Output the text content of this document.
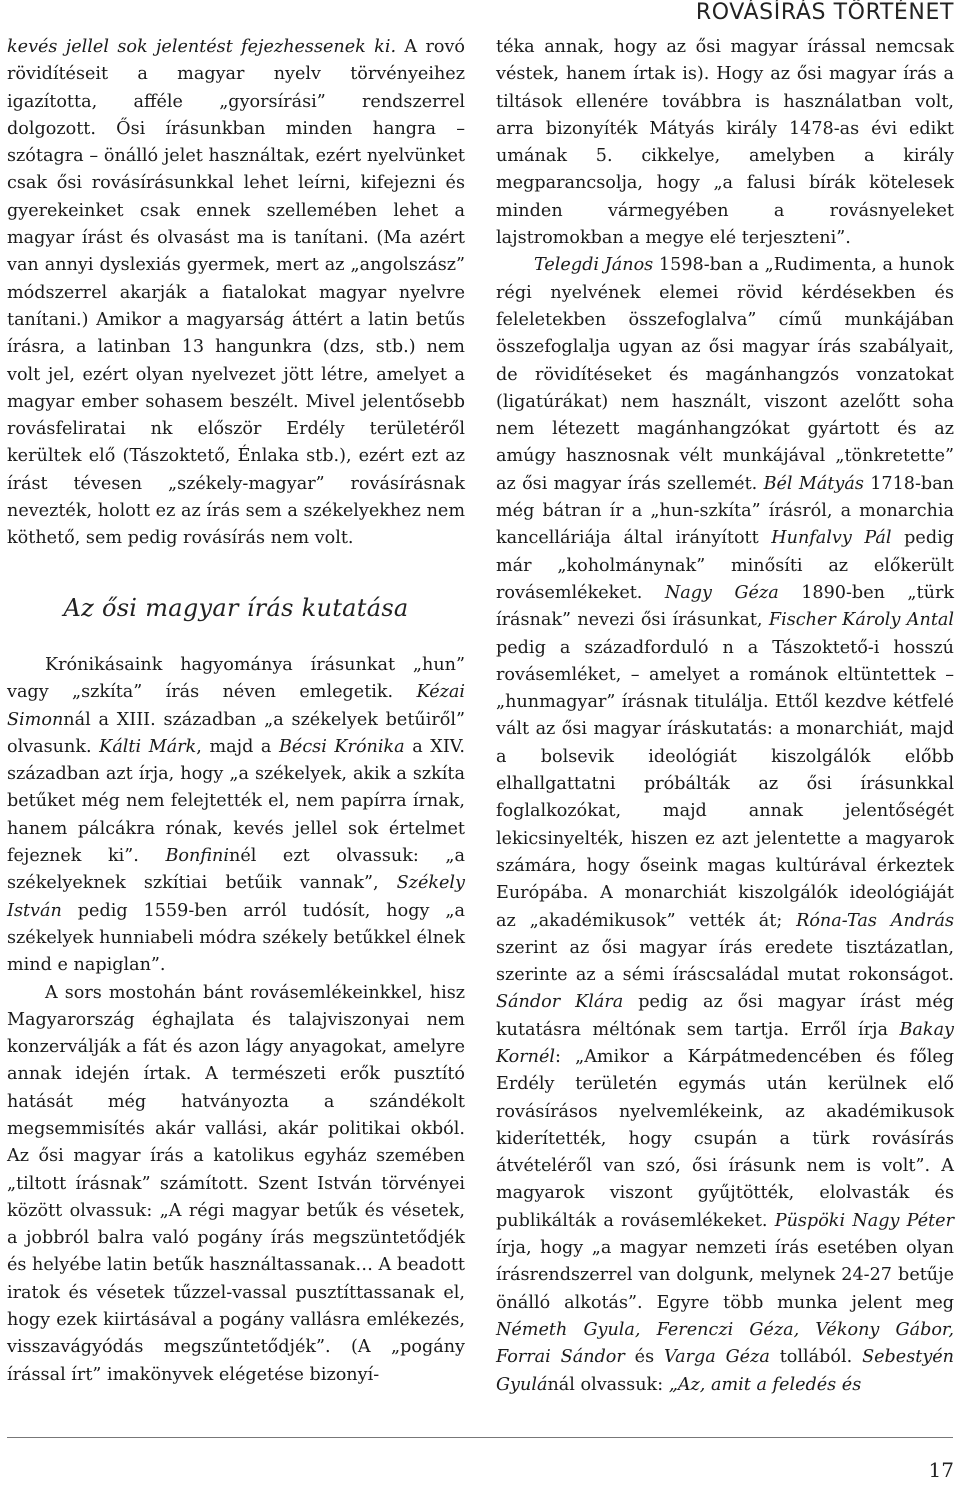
ROVÁSÍRÁS TÖRTÉNET

kevés jellel sok jelentést fejezhessenek ki. A rovó rövidítéseit a magyar nyelv törvényeihez igazította, afféle „gyorsírási” rendszerrel dolgozott. Ősi írásunkban minden hangra – szótagra – önálló jelet használtak, ezért nyelvünket csak ősi rovásírásunkkal lehet leírni, kifejezni és gyerekeinket csak ennek szellemében lehet a magyar írást és olvasást ma is tanítani. (Ma azért van annyi dyslexiás gyermek, mert az „angolszász” módszerrel akarják a fiatalokat magyar nyelvre tanítani.) Amikor a magyarság áttért a latin betűs írásra, a latinban 13 hangunkra (dzs, stb.) nem volt jel, ezért olyan nyelvezet jött létre, amelyet a magyar ember sohasem beszélt. Mivel jelentősebb rovásfeliratai nk először Erdély területéről kerültek elő (Tászoktető, Énlaka stb.), ezért ezt az írást tévesen „székely-magyar” rovásírásnak nevezték, holott ez az írás sem a székelyekhez nem köthető, sem pedig rovásírás nem volt.

Az ősi magyar írás kutatása

Krónikásaink hagyománya írásunkat „hun” vagy „szkíta” írás néven emlegetik. Kézai Simonnál a XIII. században „a székelyek betűiről” olvasunk. Kálti Márk, majd a Bécsi Krónika a XIV. században azt írja, hogy „a székelyek, akik a szkíta betűket még nem felejtették el, nem papírra írnak, hanem pálcákra rónak, kevés jellel sok értelmet fejeznek ki”. Bonfininél ezt olvassuk: „a székelyeknek szkítiai betűik vannak”, Székely István pedig 1559-ben arról tudósít, hogy „a székelyek hunniabeli módra székely betűkkel élnek mind e napiglan”.

A sors mostohán bánt rovásemlékeinkkel, hisz Magyarország éghajlata és talajviszonyai nem konzerválják a fát és azon lágy anyagokat, amelyre annak idején írtak. A természeti erők pusztító hatását még hatványozta a szándékolt megsemmisítés akár vallási, akár politikai okból. Az ősi magyar írás a katolikus egyház szemében „tiltott írásnak” számított. Szent István törvényei között olvassuk: „A régi magyar betűk és vésetek, a jobbról balra való pogány írás megszüntetődjék és helyébe latin betűk használtassanak… A beadott iratok és vésetek tűzzel-vassal pusztíttassanak el, hogy ezek kiirtásával a pogány vallásra emlékezés, visszavágyódás megszűntetődjék”. (A „pogány írással írt” imakönyvek elégetése bizonyí-

téka annak, hogy az ősi magyar írással nemcsak véstek, hanem írtak is). Hogy az ősi magyar írás a tiltások ellenére továbbra is használatban volt, arra bizonyíték Mátyás király 1478-as évi edikt umának 5. cikkelye, amelyben a király megparancsolja, hogy „a falusi bírák kötelesek minden vármegyében a rovásnyeleket lajstromokban a megye elé terjeszteni”.

Telegdi János 1598-ban a „Rudimenta, a hunok régi nyelvének elemei rövid kérdésekben és feleletekben összefoglalva” című munkájában összefoglalja ugyan az ősi magyar írás szabályait, de rövidítéseket és magánhangzós vonzatokat (ligatúrákat) nem használt, viszont azelőtt soha nem létezett magánhangzókat gyártott és az amúgy hasznosnak vélt munkájával „tönkretette” az ősi magyar írás szellemét. Bél Mátyás 1718-ban még bátran ír a „hun-szkíta” írásról, a monarchia kancelláriája által irányított Hunfalvy Pál pedig már „koholmánynak” minősíti az előkerült rovásemlékeket. Nagy Géza 1890-ben „türk írásnak” nevezi ősi írásunkat, Fischer Károly Antal pedig a századforduló n a Tászoktető-i hosszú rovásemléket, – amelyet a románok eltüntettek – „hunmagyar” írásnak titulálja. Ettől kezdve kétfelé vált az ősi magyar íráskutatás: a monarchiát, majd a bolsevik ideológiát kiszolgálók előbb elhallgattatni próbálták az ősi írásunkkal foglalkozókat, majd annak jelentőségét lekicsinyelték, hiszen ez azt jelentette a magyarok számára, hogy őseink magas kultúrával érkeztek Európába. A monarchiát kiszolgálók ideológiáját az „akadémikusok” vették át; Róna-Tas András szerint az ősi magyar írás eredete tisztázatlan, szerinte az a sémi íráscsaládal mutat rokonságot. Sándor Klára pedig az ősi magyar írást még kutatásra méltónak sem tartja. Erről írja Bakay Kornél: „Amikor a Kárpátmedencében és főleg Erdély területén egymás után kerülnek elő rovásírásos nyelvemlékeink, az akadémikusok kiderítették, hogy csupán a türk rovásírás átvételéről van szó, ősi írásunk nem is volt”. A magyarok viszont gyűjtötték, elolvasták és publikálták a rovásemlékeket. Püspöki Nagy Péter írja, hogy „a magyar nemzeti írás esetében olyan írásrendszerrel van dolgunk, melynek 24-27 betűje önálló alkotás”. Egyre több munka jelent meg Németh Gyula, Ferenczi Géza, Vékony Gábor, Forrai Sándor és Varga Géza tollából. Sebestyén Gyulánál olvassuk: „Az, amit a feledés és

17
